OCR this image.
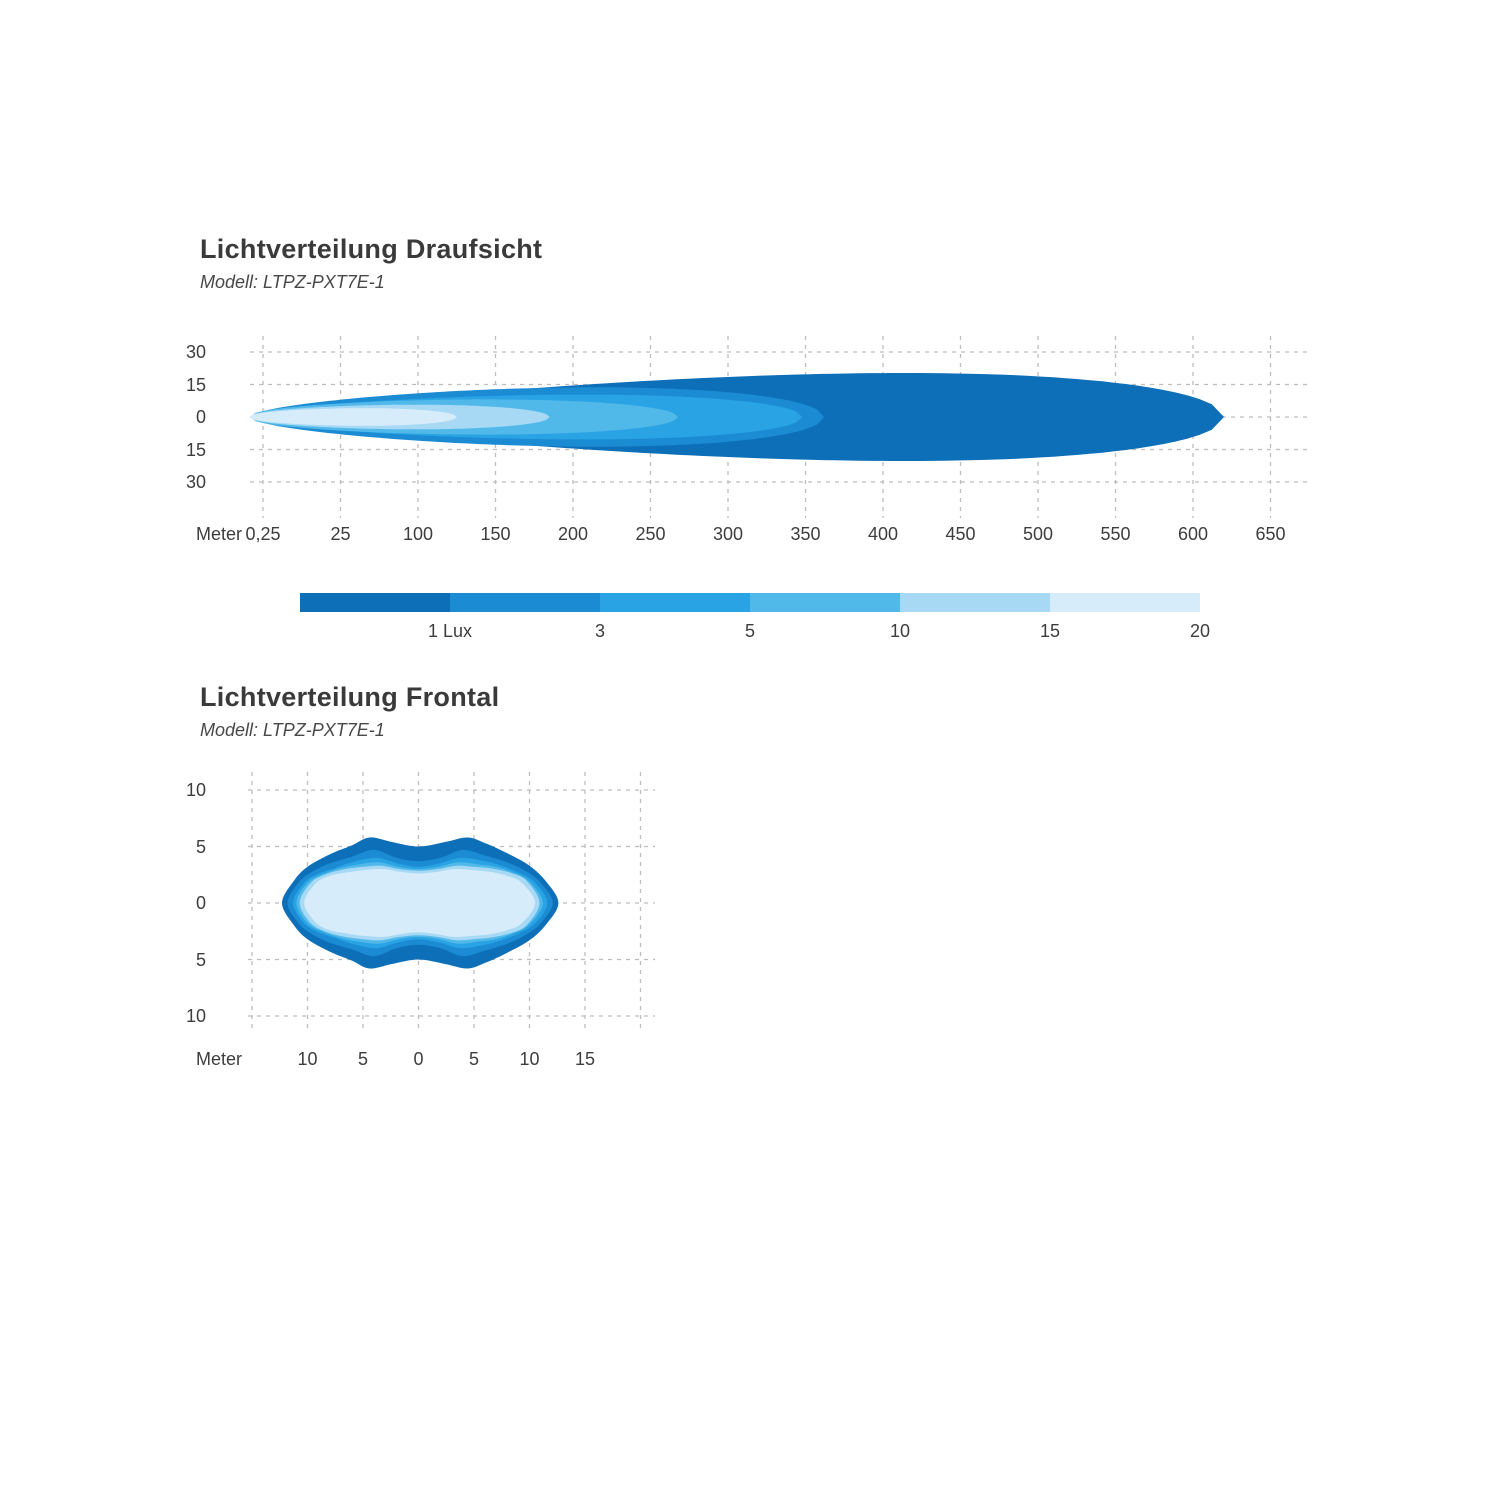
Lichtverteilung Draufsicht

Modell: LTPZ-PXT7E-1

Meter
1 Lux	3	5	10	15	20
Lichtverteilung Frontal

Modell: LTPZ-PXT7E-1

Meter
30
15
0
15
30
0,25	25	100	150	200	250	300	350	400	450	500	550	600	650
10
5
0
5
10
10	5	0	5	10	15
